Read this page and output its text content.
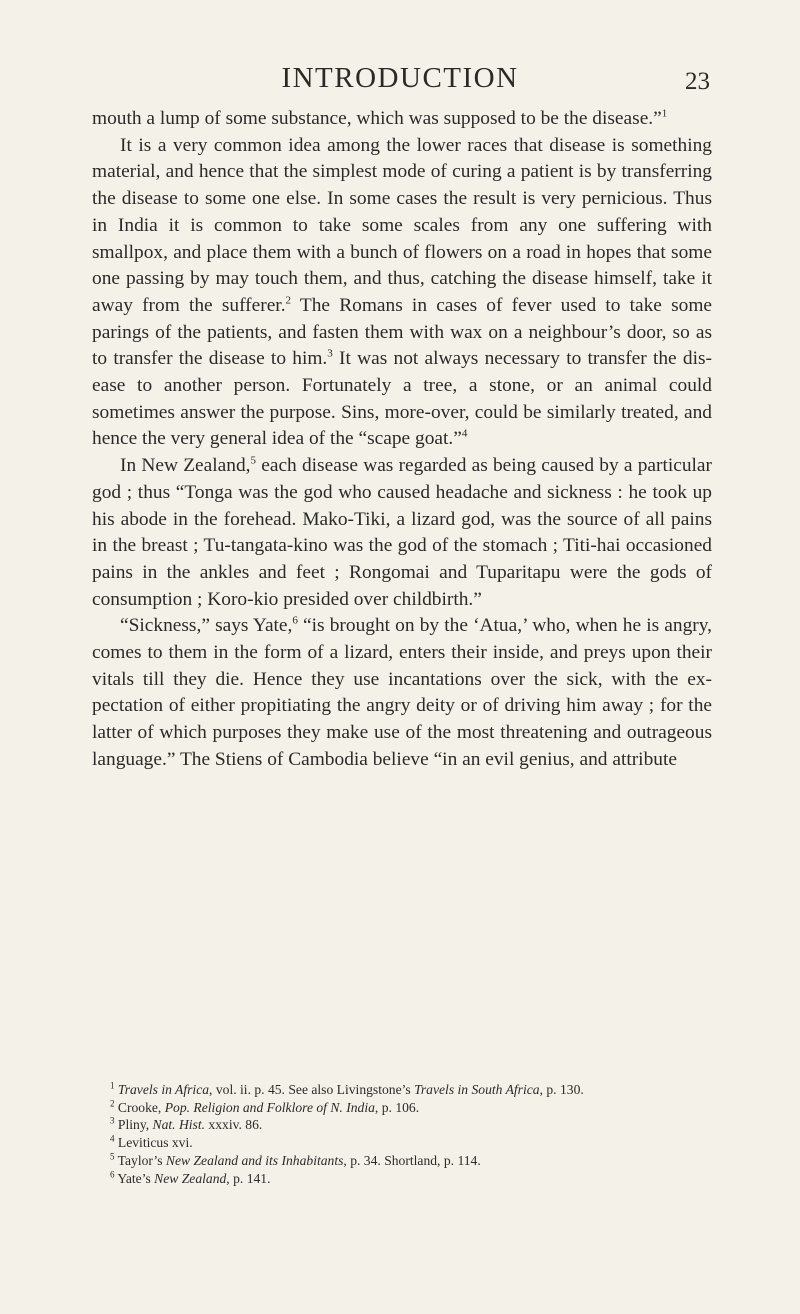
INTRODUCTION	23

mouth a lump of some substance, which was supposed to be the disease.”$^1$

It is a very common idea among the lower races that disease is something material, and hence that the simplest mode of curing a patient is by transferring the disease to some one else. In some cases the result is very pernicious. Thus in India it is common to take some scales from any one suffering with smallpox, and place them with a bunch of flowers on a road in hopes that some one passing by may touch them, and thus, catching the disease himself, take it away from the sufferer.$^2$ The Romans in cases of fever used to take some parings of the patients, and fasten them with wax on a neighbour’s door, so as to transfer the disease to him.$^3$ It was not always necessary to transfer the dis-ease to another person. Fortunately a tree, a stone, or an animal could sometimes answer the purpose. Sins, more-over, could be similarly treated, and hence the very general idea of the “scape goat.”$^4$

In New Zealand,$^5$ each disease was regarded as being caused by a particular god ; thus “Tonga was the god who caused headache and sickness : he took up his abode in the forehead. Mako-Tiki, a lizard god, was the source of all pains in the breast ; Tu-tangata-kino was the god of the stomach ; Titi-hai occasioned pains in the ankles and feet ; Rongomai and Tuparitapu were the gods of consumption ; Koro-kio presided over childbirth.”

“Sickness,” says Yate,$^6$ “is brought on by the ‘Atua,’ who, when he is angry, comes to them in the form of a lizard, enters their inside, and preys upon their vitals till they die. Hence they use incantations over the sick, with the ex-pectation of either propitiating the angry deity or of driving him away ; for the latter of which purposes they make use of the most threatening and outrageous language.” The Stiens of Cambodia believe “in an evil genius, and attribute

$^1$ Travels in Africa, vol. ii. p. 45. See also Livingstone’s Travels in South Africa, p. 130.

$^2$ Crooke, Pop. Religion and Folklore of N. India, p. 106.

$^3$ Pliny, Nat. Hist. xxxiv. 86.

$^4$ Leviticus xvi.

$^5$ Taylor’s New Zealand and its Inhabitants, p. 34. Shortland, p. 114.

$^6$ Yate’s New Zealand, p. 141.
